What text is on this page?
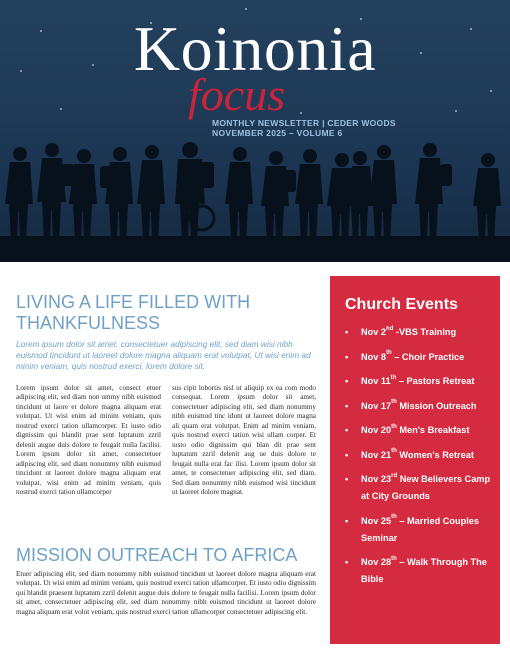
Koinonia
focus
MONTHLY NEWSLETTER | CEDER WOODS
NOVEMBER 2025 – VOLUME 6
LIVING A LIFE FILLED WITH THANKFULNESS

Lorem ipsum dolor sit amet, consectetuer adipiscing elit, sed diam wisi nibh euismod tincidunt ut laoreet dolore magna aliquam erat volutpat, Ut wisi enim ad minim veniam, quis nostrud exerci, lorem dolore sit.

Lorem ipsum dolor sit amet, consect etuer adipiscing elit, sed diam non ummy nibh euismod tincidunt ut laore et dolore magna aliquam erat volutpat. Ut wisi enim ad minim veniam, quis nostrud exerci tation ullamcorper. Et iusto odio dignissim qui blandit prae sent luptatum zzril delenit augue duis dolore te feugait nulla facilisi. Lorem ipsum dolor sit amet, consectetuer adipiscing elit, sed diam nonummy nibh euismod tincidunt ut laoreet dolore magna aliquam erat volutpat. wisi enim ad minim veniam, quis nostrud exerci tation ullamcorper

sus cipit lobortis nisl ut aliquip ex ea com modo consequat. Lorem ipsum dolor sit amet, consectetuer adipiscing elit, sed diam nonummy nibh euismod tinc idunt ut laoreet dolore magna ali quam erat volutpat. Enim ad minim veniam, quis nostrud exerci tation wisi ullam corper. Et iusto odio dignissim qui blan dit prae sent luptatum zzril delenit aug ue duis dolore te feugait nulla erat fac ilisi. Lorem ipsum dolor sit amet, te consectetuer adipiscing elit, sed diam. Sed diam nonummy nibh euismod wisi tincidunt ut laoreet dolore magnat.

MISSION OUTREACH TO AFRICA

Etuer adipiscing elit, sed diam nonummy nibh euismod tincidunt ut laoreet dolore magna aliquam erat volutpat. Ut wisi enim ad minim veniam, quis nostrud exerci tation ullamcorper. Et iusto odio dignissim qui blandit praesent luptatum zzril delenit augue duis dolore te feugait nulla facilisi. Lorem ipsum dolor sit amet, consectetuer adipiscing elit, sed diam nonummy nibh euismod tincidunt ut laoreet dolore magna aliquam erat volut veniam, quis nostrud exerci tation ullamcorper consectetuer adipiscing elit.

Church Events
• Nov 2nd -VBS Training
• Nov 8th – Choir Practice
• Nov 11th – Pastors Retreat
• Nov 17th Mission Outreach
• Nov 20th Men's Breakfast
• Nov 21th Women's Retreat
• Nov 23rd New Believers Camp at City Grounds
• Nov 25th – Married Couples Seminar
• Nov 28th – Walk Through The Bible
